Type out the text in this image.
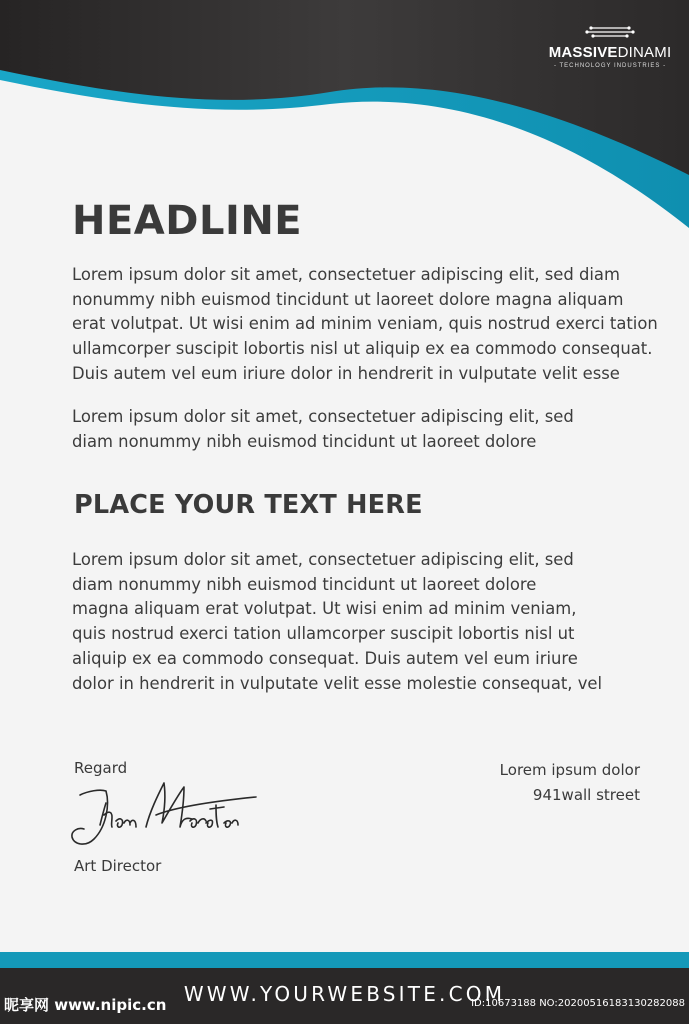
MASSIVEDINAMI
- TECHNOLOGY INDUSTRIES -
HEADLINE

Lorem ipsum dolor sit amet, consectetuer adipiscing elit, sed diam
nonummy nibh euismod tincidunt ut laoreet dolore magna aliquam
erat volutpat. Ut wisi enim ad minim veniam, quis nostrud exerci tation
ullamcorper suscipit lobortis nisl ut aliquip ex ea commodo consequat.
Duis autem vel eum iriure dolor in hendrerit in vulputate velit esse

Lorem ipsum dolor sit amet, consectetuer adipiscing elit, sed
diam nonummy nibh euismod tincidunt ut laoreet dolore

PLACE YOUR TEXT HERE

Lorem ipsum dolor sit amet, consectetuer adipiscing elit, sed
diam nonummy nibh euismod tincidunt ut laoreet dolore
magna aliquam erat volutpat. Ut wisi enim ad minim veniam,
quis nostrud exerci tation ullamcorper suscipit lobortis nisl ut
aliquip ex ea commodo consequat. Duis autem vel eum iriure
dolor in hendrerit in vulputate velit esse molestie consequat, vel

Regard
Art Director
Lorem ipsum dolor
941wall street
WWW.YOURWEBSITE.COM
昵享网 www.nipic.cn	ID:10673188 NO:20200516183130282088
